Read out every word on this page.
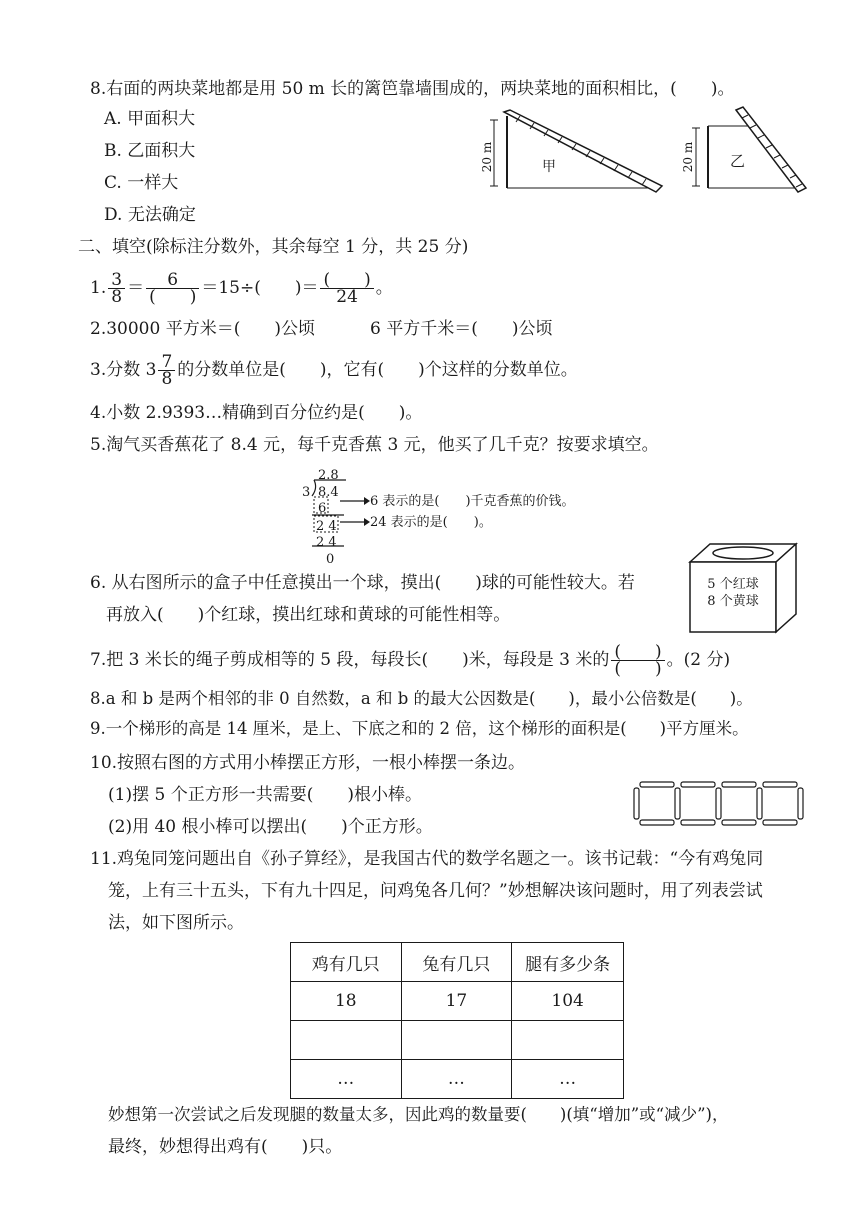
8.右面的两块菜地都是用 50 m 长的篱笆靠墙围成的，两块菜地的面积相比，(　　)。
A. 甲面积大
B. 乙面积大
C. 一样大
D. 无法确定
20 m	甲	20 m	乙
二、填空(除标注分数外，其余每空 1 分，共 25 分)
1. $\frac{3}{8} = \frac{6}{( )} =15\div$(　　)＝ $\frac{( )}{24}$ 。
2.30000 平方米＝(　　)公顷	6 平方千米＝(　　)公顷
3.分数 $3 \frac{7}{8}$ 的分数单位是(　　)，它有(　　)个这样的分数单位。
4.小数 2.9393…精确到百分位约是(　　)。
5.淘气买香蕉花了 8.4 元，每千克香蕉 3 元，他买了几千克？按要求填空。
2.8
3 8.4
6
2 4
2 4
0
6 表示的是(　　)千克香蕉的价钱。
24 表示的是(　　)。
6. 从右图所示的盒子中任意摸出一个球，摸出(　　)球的可能性较大。若
再放入(　　)个红球，摸出红球和黄球的可能性相等。
5 个红球
8 个黄球
7.把 3 米长的绳子剪成相等的 5 段，每段长(　　)米，每段是 3 米的 $\frac{( )}{( )}$ 。(2 分)
8.a 和 b 是两个相邻的非 0 自然数，a 和 b 的最大公因数是(　　)，最小公倍数是(　　)。
9.一个梯形的高是 14 厘米，是上、下底之和的 2 倍，这个梯形的面积是(　　)平方厘米。
10.按照右图的方式用小棒摆正方形，一根小棒摆一条边。
(1)摆 5 个正方形一共需要(　　)根小棒。
(2)用 40 根小棒可以摆出(　　)个正方形。
11.鸡兔同笼问题出自《孙子算经》，是我国古代的数学名题之一。该书记载：“今有鸡兔同
笼，上有三十五头，下有九十四足，问鸡兔各几何？”妙想解决该问题时，用了列表尝试
法，如下图所示。
鸡有几只	兔有几只	腿有多少条
18	17	104

…	…	…
妙想第一次尝试之后发现腿的数量太多，因此鸡的数量要(　　)(填“增加”或“减少”)，
最终，妙想得出鸡有(　　)只。
